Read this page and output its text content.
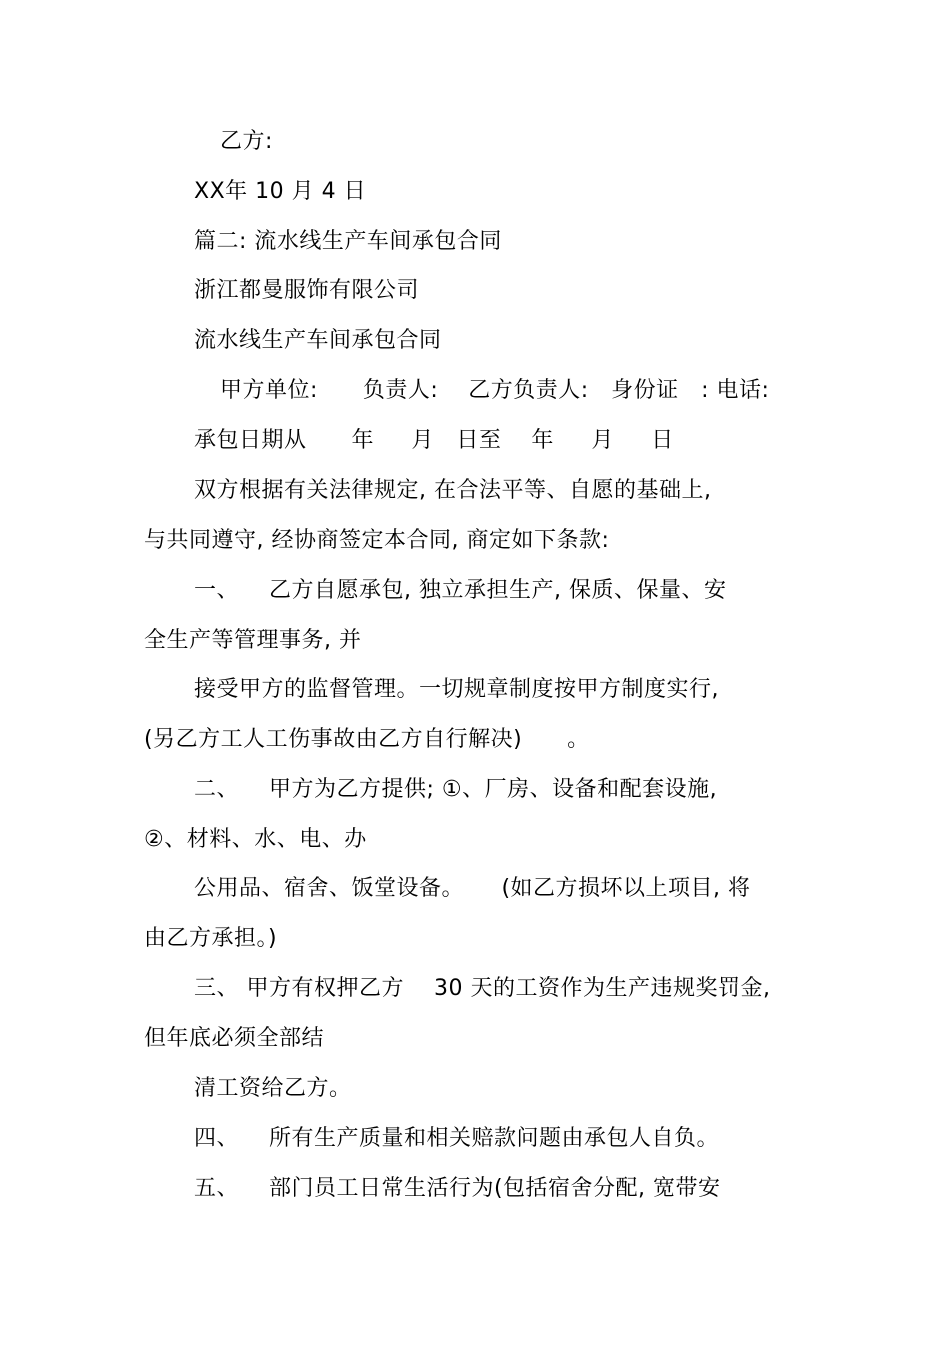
乙方:
XX年 10 月 4 日
篇二: 流水线生产车间承包合同
浙江都曼服饰有限公司
流水线生产车间承包合同
甲方单位:      负责人:    乙方负责人:   身份证   : 电话:
承包日期从      年     月   日至    年     月     日
双方根据有关法律规定, 在合法平等、自愿的基础上,
与共同遵守, 经协商签定本合同, 商定如下条款:
一、    乙方自愿承包, 独立承担生产, 保质、保量、安
全生产等管理事务, 并
接受甲方的监督管理。一切规章制度按甲方制度实行,
(另乙方工人工伤事故由乙方自行解决)      。
二、    甲方为乙方提供; ①、厂房、设备和配套设施,
②、材料、水、电、办
公用品、宿舍、饭堂设备。     (如乙方损坏以上项目, 将
由乙方承担。)
三、 甲方有权押乙方    30 天的工资作为生产违规奖罚金,
但年底必须全部结
清工资给乙方。
四、    所有生产质量和相关赔款问题由承包人自负。
五、    部门员工日常生活行为(包括宿舍分配, 宽带安
